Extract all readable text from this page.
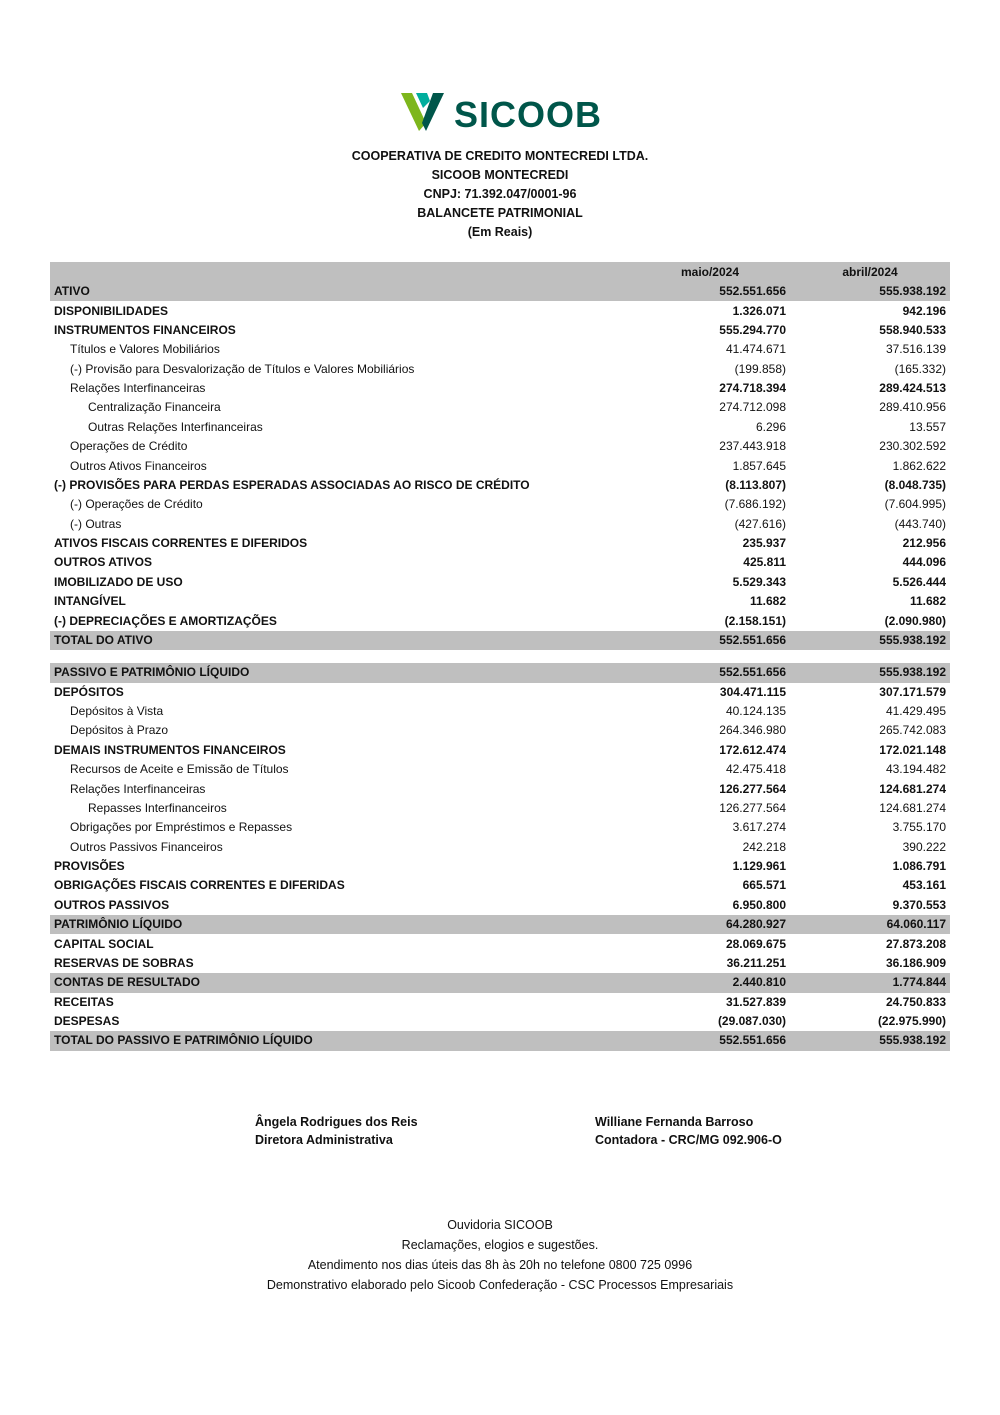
SICOOB
COOPERATIVA DE CREDITO MONTECREDI LTDA.
SICOOB MONTECREDI
CNPJ: 71.392.047/0001-96
BALANCETE PATRIMONIAL
(Em Reais)
	maio/2024	abril/2024
ATIVO	552.551.656	555.938.192
DISPONIBILIDADES	1.326.071	942.196
INSTRUMENTOS FINANCEIROS	555.294.770	558.940.533
Títulos e Valores Mobiliários	41.474.671	37.516.139
(-) Provisão para Desvalorização de Títulos e Valores Mobiliários	(199.858)	(165.332)
Relações Interfinanceiras	274.718.394	289.424.513
Centralização Financeira	274.712.098	289.410.956
Outras Relações Interfinanceiras	6.296	13.557
Operações de Crédito	237.443.918	230.302.592
Outros Ativos Financeiros	1.857.645	1.862.622
(-) PROVISÕES PARA PERDAS ESPERADAS ASSOCIADAS AO RISCO DE CRÉDITO	(8.113.807)	(8.048.735)
(-) Operações de Crédito	(7.686.192)	(7.604.995)
(-) Outras	(427.616)	(443.740)
ATIVOS FISCAIS CORRENTES E DIFERIDOS	235.937	212.956
OUTROS ATIVOS	425.811	444.096
IMOBILIZADO DE USO	5.529.343	5.526.444
INTANGÍVEL	11.682	11.682
(-) DEPRECIAÇÕES E AMORTIZAÇÕES	(2.158.151)	(2.090.980)
TOTAL DO ATIVO	552.551.656	555.938.192

PASSIVO E PATRIMÔNIO LÍQUIDO	552.551.656	555.938.192
DEPÓSITOS	304.471.115	307.171.579
Depósitos à Vista	40.124.135	41.429.495
Depósitos à Prazo	264.346.980	265.742.083
DEMAIS INSTRUMENTOS FINANCEIROS	172.612.474	172.021.148
Recursos de Aceite e Emissão de Títulos	42.475.418	43.194.482
Relações Interfinanceiras	126.277.564	124.681.274
Repasses Interfinanceiros	126.277.564	124.681.274
Obrigações por Empréstimos e Repasses	3.617.274	3.755.170
Outros Passivos Financeiros	242.218	390.222
PROVISÕES	1.129.961	1.086.791
OBRIGAÇÕES FISCAIS CORRENTES E DIFERIDAS	665.571	453.161
OUTROS PASSIVOS	6.950.800	9.370.553
PATRIMÔNIO LÍQUIDO	64.280.927	64.060.117
CAPITAL SOCIAL	28.069.675	27.873.208
RESERVAS DE SOBRAS	36.211.251	36.186.909
CONTAS DE RESULTADO	2.440.810	1.774.844
RECEITAS	31.527.839	24.750.833
DESPESAS	(29.087.030)	(22.975.990)
TOTAL DO PASSIVO E PATRIMÔNIO LÍQUIDO	552.551.656	555.938.192
Ângela Rodrigues dos Reis
Diretora Administrativa
Williane Fernanda Barroso
Contadora - CRC/MG 092.906-O
Ouvidoria SICOOB
Reclamações, elogios e sugestões.
Atendimento nos dias úteis das 8h às 20h no telefone 0800 725 0996
Demonstrativo elaborado pelo Sicoob Confederação - CSC Processos Empresariais
